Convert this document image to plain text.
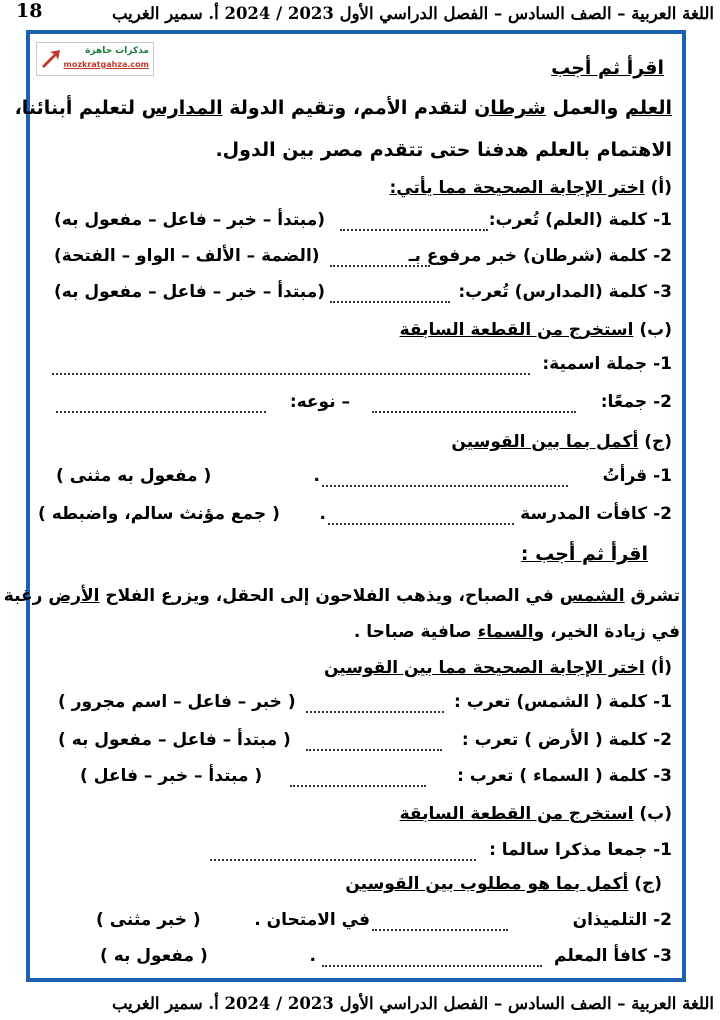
اللغة العربية – الصف السادس – الفصل الدراسي الأول 2023 / 2024 أ. سمير الغريب
18
مذكرات جاهزة
mozkratgahza.com	اقرأ ثم أجب
العلم والعمل شرطان لتقدم الأمم، وتقيم الدولة المدارس لتعليم أبنائنا،
الاهتمام بالعلم هدفنا حتى تتقدم مصر بين الدول.
(أ) اختر الإجابة الصحيحة مما يأتي:
1- كلمة (العلم) تُعرب:
(مبتدأ – خبر – فاعل – مفعول به)
2- كلمة (شرطان) خبر مرفوع بـ
(الضمة – الألف – الواو – الفتحة)
3- كلمة (المدارس) تُعرب:
(مبتدأ – خبر – فاعل – مفعول به)
(ب) استخرج من القطعة السابقة
1- جملة اسمية:
2- جمعًا:
– نوعه:
(ج) أكمل بما بين القوسين
1- قرأتُ
.
( مفعول به مثنى )
2- كافأت المدرسة
.
( جمع مؤنث سالم، واضبطه )
اقرأ ثم أجب :
تشرق الشمس في الصباح، ويذهب الفلاحون إلى الحقل، ويزرع الفلاح الأرض رغبة
في زيادة الخير، والسماء صافية صباحا .
(أ) اختر الإجابة الصحيحة مما بين القوسين
1- كلمة ( الشمس) تعرب :
( خبر – فاعل – اسم مجرور )
2- كلمة ( الأرض ) تعرب :
( مبتدأ – فاعل – مفعول به )
3- كلمة ( السماء ) تعرب :
( مبتدأ – خبر – فاعل )
(ب) استخرج من القطعة السابقة
1- جمعا مذكرا سالما :
(ج) أكمل بما هو مطلوب بين القوسين
2- التلميذان
في الامتحان .
( خبر مثنى )
3- كافأ المعلم
.
( مفعول به )
اللغة العربية – الصف السادس – الفصل الدراسي الأول 2023 / 2024 أ. سمير الغريب
